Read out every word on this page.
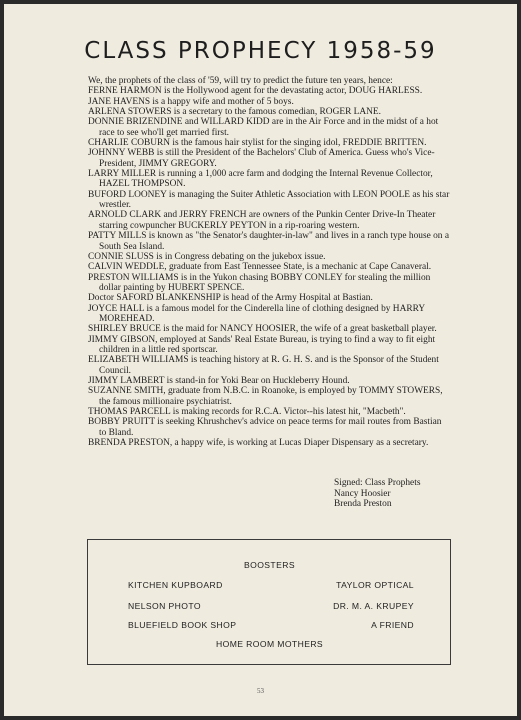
CLASS PROPHECY 1958-59

We, the prophets of the class of '59, will try to predict the future ten years, hence:

FERNE HARMON is the Hollywood agent for the devastating actor, DOUG HARLESS.

JANE HAVENS is a happy wife and mother of 5 boys.

ARLENA STOWERS is a secretary to the famous comedian, ROGER LANE.

DONNIE BRIZENDINE and WILLARD KIDD are in the Air Force and in the midst of a hot race to see who'll get married first.

CHARLIE COBURN is the famous hair stylist for the singing idol, FREDDIE BRITTEN.

JOHNNY WEBB is still the President of the Bachelors' Club of America. Guess who's Vice-President, JIMMY GREGORY.

LARRY MILLER is running a 1,000 acre farm and dodging the Internal Revenue Collector, HAZEL THOMPSON.

BUFORD LOONEY is managing the Suiter Athletic Association with LEON POOLE as his star wrestler.

ARNOLD CLARK and JERRY FRENCH are owners of the Punkin Center Drive-In Theater starring cowpuncher BUCKERLY PEYTON in a rip-roaring western.

PATTY MILLS is known as "the Senator's daughter-in-law" and lives in a ranch type house on a South Sea Island.

CONNIE SLUSS is in Congress debating on the jukebox issue.

CALVIN WEDDLE, graduate from East Tennessee State, is a mechanic at Cape Canaveral.

PRESTON WILLIAMS is in the Yukon chasing BOBBY CONLEY for stealing the million dollar painting by HUBERT SPENCE.

Doctor SAFORD BLANKENSHIP is head of the Army Hospital at Bastian.

JOYCE HALL is a famous model for the Cinderella line of clothing designed by HARRY MOREHEAD.

SHIRLEY BRUCE is the maid for NANCY HOOSIER, the wife of a great basketball player.

JIMMY GIBSON, employed at Sands' Real Estate Bureau, is trying to find a way to fit eight children in a little red sportscar.

ELIZABETH WILLIAMS is teaching history at R. G. H. S. and is the Sponsor of the Student Council.

JIMMY LAMBERT is stand-in for Yoki Bear on Huckleberry Hound.

SUZANNE SMITH, graduate from N.B.C. in Roanoke, is employed by TOMMY STOWERS, the famous millionaire psychiatrist.

THOMAS PARCELL is making records for R.C.A. Victor--his latest hit, "Macbeth".

BOBBY PRUITT is seeking Khrushchev's advice on peace terms for mail routes from Bastian to Bland.

BRENDA PRESTON, a happy wife, is working at Lucas Diaper Dispensary as a secretary.

Signed: Class Prophets
Nancy Hoosier
Brenda Preston
BOOSTERS
KITCHEN KUPBOARD	TAYLOR OPTICAL
NELSON PHOTO	DR. M. A. KRUPEY
BLUEFIELD BOOK SHOP	A FRIEND
HOME ROOM MOTHERS
53
